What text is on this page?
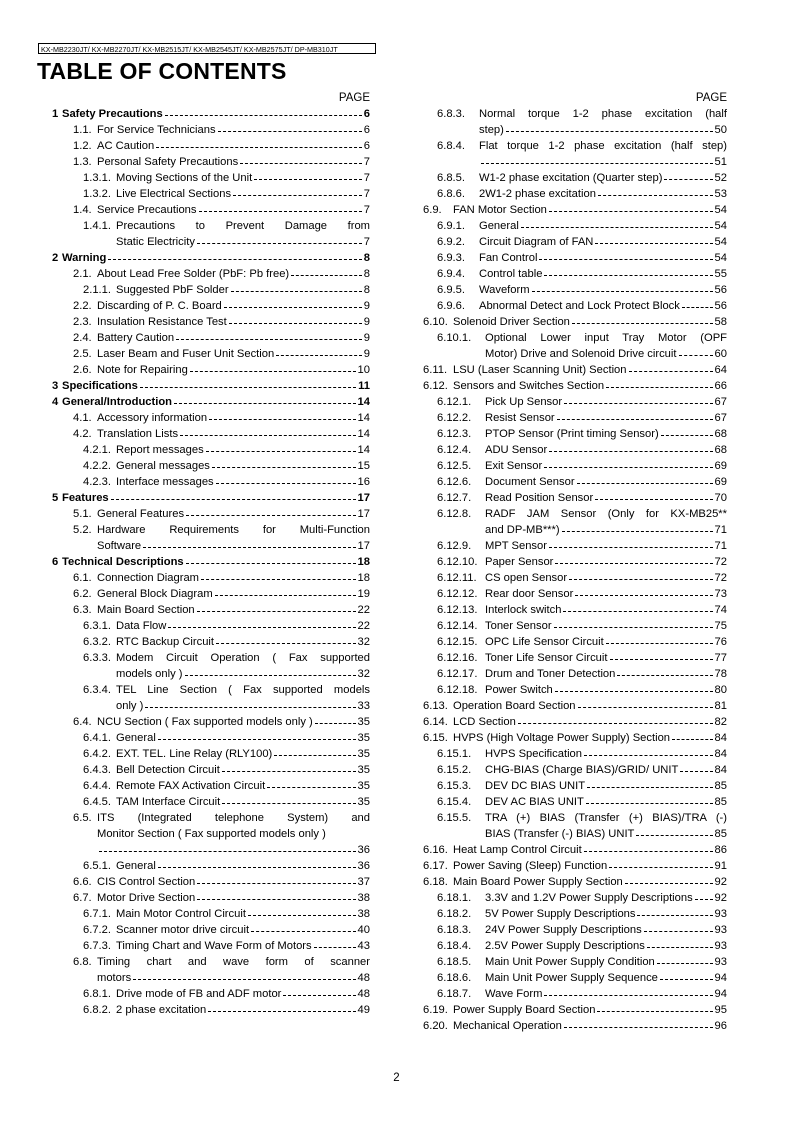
KX-MB2230JT/ KX-MB2270JT/ KX-MB2515JT/ KX-MB2545JT/ KX-MB2575JT/ DP-MB310JT
TABLE OF CONTENTS
PAGE
1 Safety Precautions	6
1.1. For Service Technicians	6
1.2. AC Caution	6
1.3. Personal Safety Precautions	7
1.3.1. Moving Sections of the Unit	7
1.3.2. Live Electrical Sections	7
1.4. Service Precautions	7
1.4.1. Precautions to Prevent Damage from
Static Electricity	7
2 Warning	8
2.1. About Lead Free Solder (PbF: Pb free)	8
2.1.1. Suggested PbF Solder	8
2.2. Discarding of P. C. Board	9
2.3. Insulation Resistance Test	9
2.4. Battery Caution	9
2.5. Laser Beam and Fuser Unit Section	9
2.6. Note for Repairing	10
3 Specifications	11
4 General/Introduction	14
4.1. Accessory information	14
4.2. Translation Lists	14
4.2.1. Report messages	14
4.2.2. General messages	15
4.2.3. Interface messages	16
5 Features	17
5.1. General Features	17
5.2. Hardware Requirements for Multi-Function
Software	17
6 Technical Descriptions	18
6.1. Connection Diagram	18
6.2. General Block Diagram	19
6.3. Main Board Section	22
6.3.1. Data Flow	22
6.3.2. RTC Backup Circuit	32
6.3.3. Modem Circuit Operation ( Fax supported
models only )	32
6.3.4. TEL Line Section ( Fax supported models
only )	33
6.4. NCU Section ( Fax supported models only )	35
6.4.1. General	35
6.4.2. EXT. TEL. Line Relay (RLY100)	35
6.4.3. Bell Detection Circuit	35
6.4.4. Remote FAX Activation Circuit	35
6.4.5. TAM Interface Circuit	35
6.5. ITS (Integrated telephone System) and
Monitor Section ( Fax supported models only )
36
6.5.1. General	36
6.6. CIS Control Section	37
6.7. Motor Drive Section	38
6.7.1. Main Motor Control Circuit	38
6.7.2. Scanner motor drive circuit	40
6.7.3. Timing Chart and Wave Form of Motors	43
6.8. Timing chart and wave form of scanner
motors	48
6.8.1. Drive mode of FB and ADF motor	48
6.8.2. 2 phase excitation	49
PAGE
6.8.3.	Normal torque 1-2 phase excitation (half
step)	50
6.8.4.	Flat torque 1-2 phase excitation (half step)
51
6.8.5.	W1-2 phase excitation (Quarter step)	52
6.8.6.	2W1-2 phase excitation	53
6.9.	FAN Motor Section	54
6.9.1.	General	54
6.9.2.	Circuit Diagram of FAN	54
6.9.3.	Fan Control	54
6.9.4.	Control table	55
6.9.5.	Waveform	56
6.9.6.	Abnormal Detect and Lock Protect Block	56
6.10. Solenoid Driver Section	58
6.10.1.	Optional Lower input Tray Motor (OPF
Motor) Drive and Solenoid Drive circuit	60
6.11. LSU (Laser Scanning Unit) Section	64
6.12. Sensors and Switches Section	66
6.12.1.	Pick Up Sensor	67
6.12.2.	Resist Sensor	67
6.12.3.	PTOP Sensor (Print timing Sensor)	68
6.12.4.	ADU Sensor	68
6.12.5.	Exit Sensor	69
6.12.6.	Document Sensor	69
6.12.7.	Read Position Sensor	70
6.12.8.	RADF JAM Sensor (Only for KX-MB25**
and DP-MB***)	71
6.12.9.	MPT Sensor	71
6.12.10. Paper Sensor	72
6.12.11. CS open Sensor	72
6.12.12. Rear door Sensor	73
6.12.13. Interlock switch	74
6.12.14. Toner Sensor	75
6.12.15. OPC Life Sensor Circuit	76
6.12.16. Toner Life Sensor Circuit	77
6.12.17. Drum and Toner Detection	78
6.12.18. Power Switch	80
6.13. Operation Board Section	81
6.14. LCD Section	82
6.15. HVPS (High Voltage Power Supply) Section	84
6.15.1.	HVPS Specification	84
6.15.2.	CHG-BIAS (Charge BIAS)/GRID/ UNIT	84
6.15.3.	DEV DC BIAS UNIT	85
6.15.4.	DEV AC BIAS UNIT	85
6.15.5.	TRA (+) BIAS (Transfer (+) BIAS)/TRA (-)
BIAS (Transfer (-) BIAS) UNIT	85
6.16. Heat Lamp Control Circuit	86
6.17. Power Saving (Sleep) Function	91
6.18. Main Board Power Supply Section	92
6.18.1.	3.3V and 1.2V Power Supply Descriptions 92
6.18.2.	5V Power Supply Descriptions	93
6.18.3.	24V Power Supply Descriptions	93
6.18.4.	2.5V Power Supply Descriptions	93
6.18.5.	Main Unit Power Supply Condition	93
6.18.6.	Main Unit Power Supply Sequence	94
6.18.7.	Wave Form	94
6.19. Power Supply Board Section	95
6.20. Mechanical Operation	96
2
